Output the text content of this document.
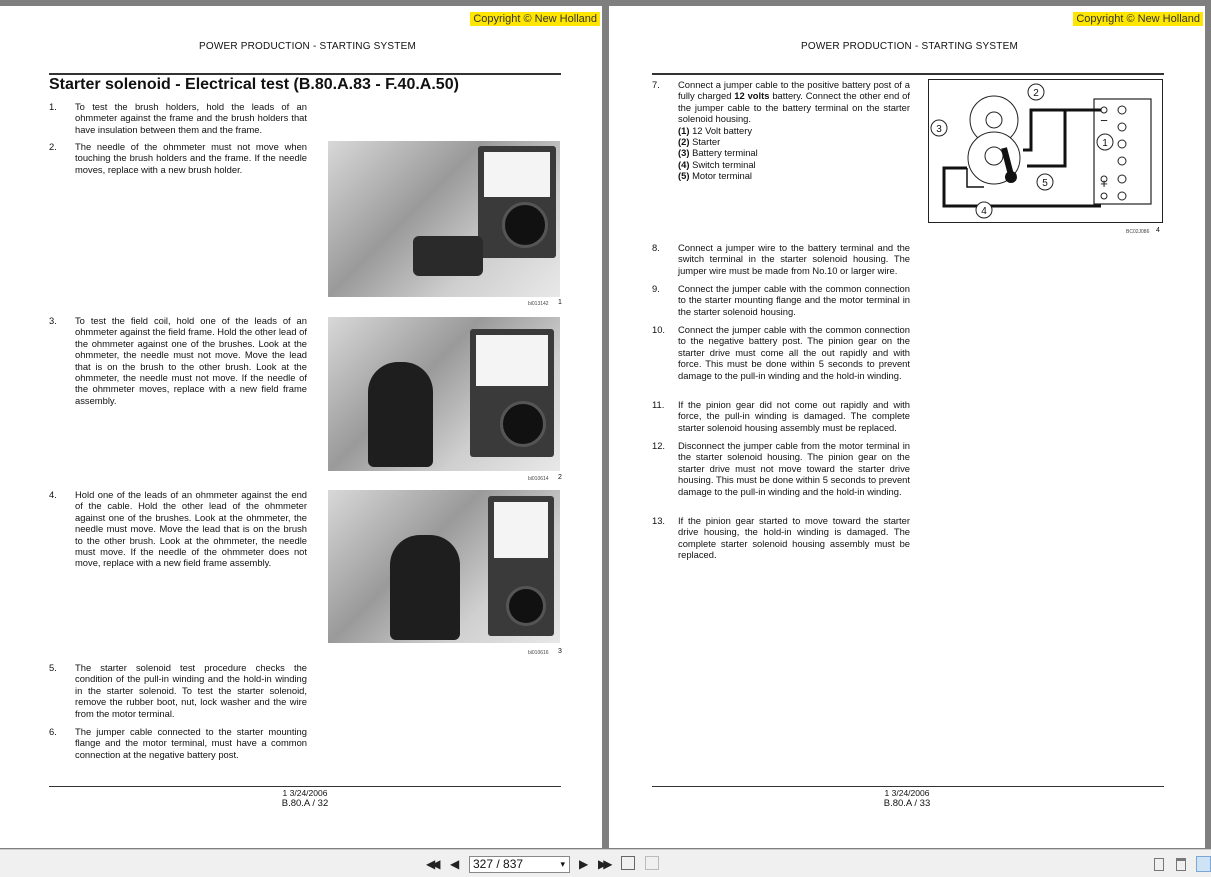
Copyright © New Holland
POWER PRODUCTION - STARTING SYSTEM
Starter solenoid - Electrical test (B.80.A.83 - F.40.A.50)
1.	To test the brush holders, hold the leads of an ohmmeter against the frame and the brush holders that have insulation between them and the frame.
2.	The needle of the ohmmeter must not move when touching the brush holders and the frame. If the needle moves, replace with a new brush holder.
3.	To test the field coil, hold one of the leads of an ohmmeter against the field frame. Hold the other lead of the ohmmeter against one of the brushes. Look at the ohmmeter, the needle must not move. Move the lead that is on the brush to the other brush. Look at the ohmmeter, the needle must not move. If the needle of the ohmmeter moves, replace with a new field frame assembly.
4.	Hold one of the leads of an ohmmeter against the end of the cable. Hold the other lead of the ohmmeter against one of the brushes. Look at the ohmmeter, the needle must move. Move the lead that is on the brush to the other brush. Look at the ohmmeter, the needle must move. If the needle of the ohmmeter does not move, replace with a new field frame assembly.
5.	The starter solenoid test procedure checks the condition of the pull-in winding and the hold-in winding in the starter solenoid. To test the starter solenoid, remove the rubber boot, nut, lock washer and the wire from the motor terminal.
6.	The jumper cable connected to the starter mounting flange and the motor terminal, must have a common connection at the negative battery post.
bi013142 1
bi010614 2
bi010616 3
1 3/24/2006
B.80.A / 32
Copyright © New Holland
POWER PRODUCTION - STARTING SYSTEM
7.	Connect a jumper cable to the positive battery post of a fully charged 12 volts battery. Connect the other end of the jumper cable to the battery terminal on the starter solenoid housing.
(1) 12 Volt battery
(2) Starter
(3) Battery terminal
(4) Switch terminal
(5) Motor terminal
8.	Connect a jumper wire to the battery terminal and the switch terminal in the starter solenoid housing. The jumper wire must be made from No.10 or larger wire.
9.	Connect the jumper cable with the common connection to the starter mounting flange and the motor terminal in the starter solenoid housing.
10.	Connect the jumper cable with the common connection to the negative battery post. The pinion gear on the starter drive must come all the out rapidly and with force. This must be done within 5 seconds to prevent damage to the pull-in winding and the hold-in winding.
11.	If the pinion gear did not come out rapidly and with force, the pull-in winding is damaged. The complete starter solenoid housing assembly must be replaced.
12.	Disconnect the jumper cable from the motor terminal in the starter solenoid housing. The pinion gear on the starter drive must not move toward the starter drive housing. This must be done within 5 seconds to prevent damage to the pull-in winding and the hold-in winding.
13.	If the pinion gear started to move toward the starter drive housing, the hold-in winding is damaged. The complete starter solenoid housing assembly must be replaced.
2
3
4
5
1
−
+
BC02J086 4
1 3/24/2006
B.80.A / 33
◀◀ ◀	327 / 837	▾ ▶ ▶▶
